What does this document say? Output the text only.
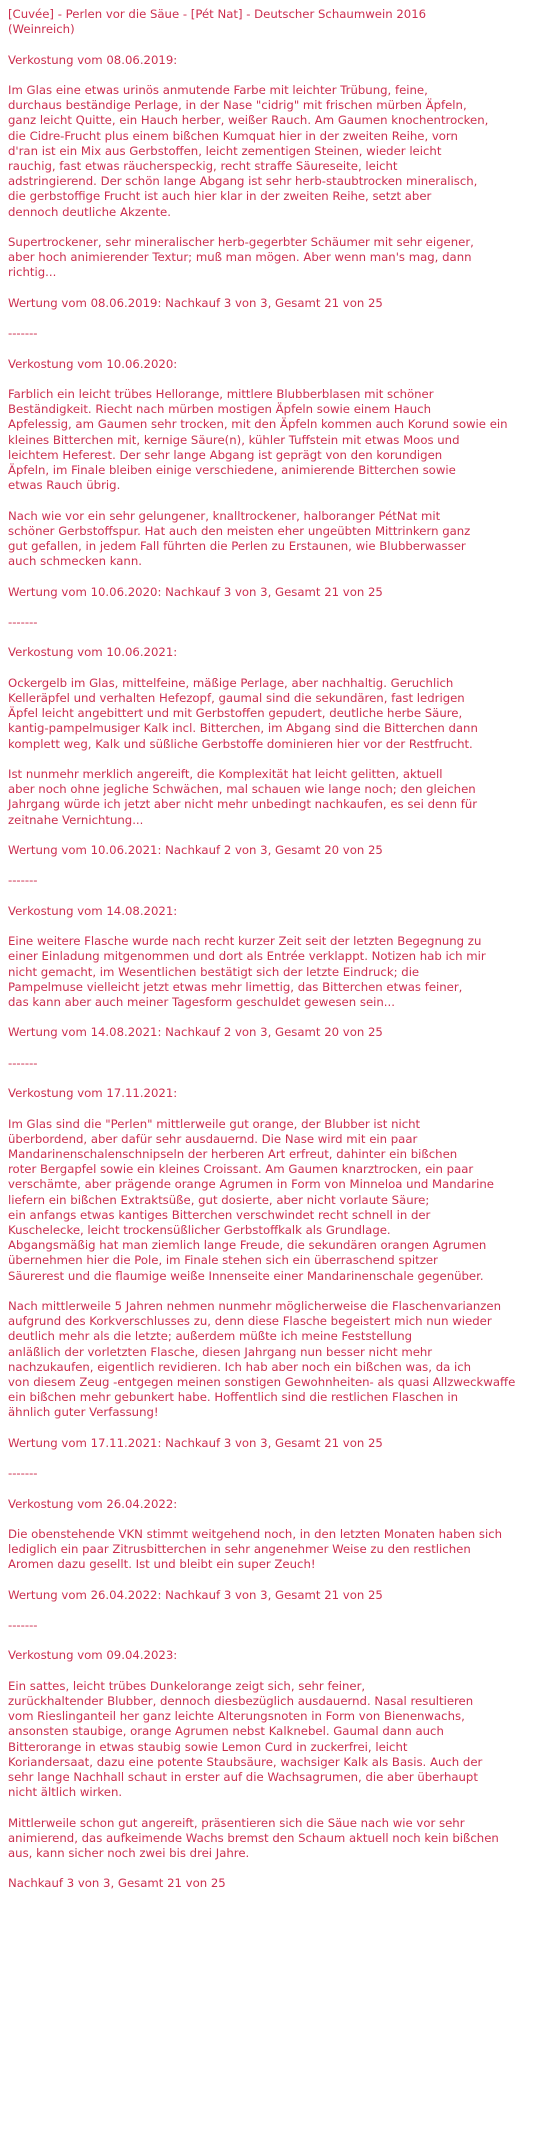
[Cuvée] - Perlen vor die Säue - [Pét Nat] - Deutscher Schaumwein 2016
(Weinreich)
Verkostung vom 08.06.2019:
Im Glas eine etwas urinös anmutende Farbe mit leichter Trübung, feine,
durchaus beständige Perlage, in der Nase "cidrig" mit frischen mürben Äpfeln,
ganz leicht Quitte, ein Hauch herber, weißer Rauch. Am Gaumen knochentrocken,
die Cidre-Frucht plus einem bißchen Kumquat hier in der zweiten Reihe, vorn
d'ran ist ein Mix aus Gerbstoffen, leicht zementigen Steinen, wieder leicht
rauchig, fast etwas räucherspeckig, recht straffe Säureseite, leicht
adstringierend. Der schön lange Abgang ist sehr herb-staubtrocken mineralisch,
die gerbstoffige Frucht ist auch hier klar in der zweiten Reihe, setzt aber
dennoch deutliche Akzente.
Supertrockener, sehr mineralischer herb-gegerbter Schäumer mit sehr eigener,
aber hoch animierender Textur; muß man mögen. Aber wenn man's mag, dann
richtig...
Wertung vom 08.06.2019: Nachkauf 3 von 3, Gesamt 21 von 25
-------
Verkostung vom 10.06.2020:
Farblich ein leicht trübes Hellorange, mittlere Blubberblasen mit schöner
Beständigkeit. Riecht nach mürben mostigen Äpfeln sowie einem Hauch
Apfelessig, am Gaumen sehr trocken, mit den Äpfeln kommen auch Korund sowie ein
kleines Bitterchen mit, kernige Säure(n), kühler Tuffstein mit etwas Moos und
leichtem Heferest. Der sehr lange Abgang ist geprägt von den korundigen
Äpfeln, im Finale bleiben einige verschiedene, animierende Bitterchen sowie
etwas Rauch übrig.
Nach wie vor ein sehr gelungener, knalltrockener, halboranger PétNat mit
schöner Gerbstoffspur. Hat auch den meisten eher ungeübten Mittrinkern ganz
gut gefallen, in jedem Fall führten die Perlen zu Erstaunen, wie Blubberwasser
auch schmecken kann.
Wertung vom 10.06.2020: Nachkauf 3 von 3, Gesamt 21 von 25
-------
Verkostung vom 10.06.2021:
Ockergelb im Glas, mittelfeine, mäßige Perlage, aber nachhaltig. Geruchlich
Kelleräpfel und verhalten Hefezopf, gaumal sind die sekundären, fast ledrigen
Äpfel leicht angebittert und mit Gerbstoffen gepudert, deutliche herbe Säure,
kantig-pampelmusiger Kalk incl. Bitterchen, im Abgang sind die Bitterchen dann
komplett weg, Kalk und süßliche Gerbstoffe dominieren hier vor der Restfrucht.
Ist nunmehr merklich angereift, die Komplexität hat leicht gelitten, aktuell
aber noch ohne jegliche Schwächen, mal schauen wie lange noch; den gleichen
Jahrgang würde ich jetzt aber nicht mehr unbedingt nachkaufen, es sei denn für
zeitnahe Vernichtung...
Wertung vom 10.06.2021: Nachkauf 2 von 3, Gesamt 20 von 25
-------
Verkostung vom 14.08.2021:
Eine weitere Flasche wurde nach recht kurzer Zeit seit der letzten Begegnung zu
einer Einladung mitgenommen und dort als Entrée verklappt. Notizen hab ich mir
nicht gemacht, im Wesentlichen bestätigt sich der letzte Eindruck; die
Pampelmuse vielleicht jetzt etwas mehr limettig, das Bitterchen etwas feiner,
das kann aber auch meiner Tagesform geschuldet gewesen sein...
Wertung vom 14.08.2021: Nachkauf 2 von 3, Gesamt 20 von 25
-------
Verkostung vom 17.11.2021:
Im Glas sind die "Perlen" mittlerweile gut orange, der Blubber ist nicht
überbordend, aber dafür sehr ausdauernd. Die Nase wird mit ein paar
Mandarinenschalenschnipseln der herberen Art erfreut, dahinter ein bißchen
roter Bergapfel sowie ein kleines Croissant. Am Gaumen knarztrocken, ein paar
verschämte, aber prägende orange Agrumen in Form von Minneloa und Mandarine
liefern ein bißchen Extraktsüße, gut dosierte, aber nicht vorlaute Säure;
ein anfangs etwas kantiges Bitterchen verschwindet recht schnell in der
Kuschelecke, leicht trockensüßlicher Gerbstoffkalk als Grundlage.
Abgangsmäßig hat man ziemlich lange Freude, die sekundären orangen Agrumen
übernehmen hier die Pole, im Finale stehen sich ein überraschend spitzer
Säurerest und die flaumige weiße Innenseite einer Mandarinenschale gegenüber.
Nach mittlerweile 5 Jahren nehmen nunmehr möglicherweise die Flaschenvarianzen
aufgrund des Korkverschlusses zu, denn diese Flasche begeistert mich nun wieder
deutlich mehr als die letzte; außerdem müßte ich meine Feststellung
anläßlich der vorletzten Flasche, diesen Jahrgang nun besser nicht mehr
nachzukaufen, eigentlich revidieren. Ich hab aber noch ein bißchen was, da ich
von diesem Zeug -entgegen meinen sonstigen Gewohnheiten- als quasi Allzweckwaffe
ein bißchen mehr gebunkert habe. Hoffentlich sind die restlichen Flaschen in
ähnlich guter Verfassung!
Wertung vom 17.11.2021: Nachkauf 3 von 3, Gesamt 21 von 25
-------
Verkostung vom 26.04.2022:
Die obenstehende VKN stimmt weitgehend noch, in den letzten Monaten haben sich
lediglich ein paar Zitrusbitterchen in sehr angenehmer Weise zu den restlichen
Aromen dazu gesellt. Ist und bleibt ein super Zeuch!
Wertung vom 26.04.2022: Nachkauf 3 von 3, Gesamt 21 von 25
-------
Verkostung vom 09.04.2023:
Ein sattes, leicht trübes Dunkelorange zeigt sich, sehr feiner,
zurückhaltender Blubber, dennoch diesbezüglich ausdauernd. Nasal resultieren
vom Rieslinganteil her ganz leichte Alterungsnoten in Form von Bienenwachs,
ansonsten staubige, orange Agrumen nebst Kalknebel. Gaumal dann auch
Bitterorange in etwas staubig sowie Lemon Curd in zuckerfrei, leicht
Koriandersaat, dazu eine potente Staubsäure, wachsiger Kalk als Basis. Auch der
sehr lange Nachhall schaut in erster auf die Wachsagrumen, die aber überhaupt
nicht ältlich wirken.
Mittlerweile schon gut angereift, präsentieren sich die Säue nach wie vor sehr
animierend, das aufkeimende Wachs bremst den Schaum aktuell noch kein bißchen
aus, kann sicher noch zwei bis drei Jahre.
Nachkauf 3 von 3, Gesamt 21 von 25
